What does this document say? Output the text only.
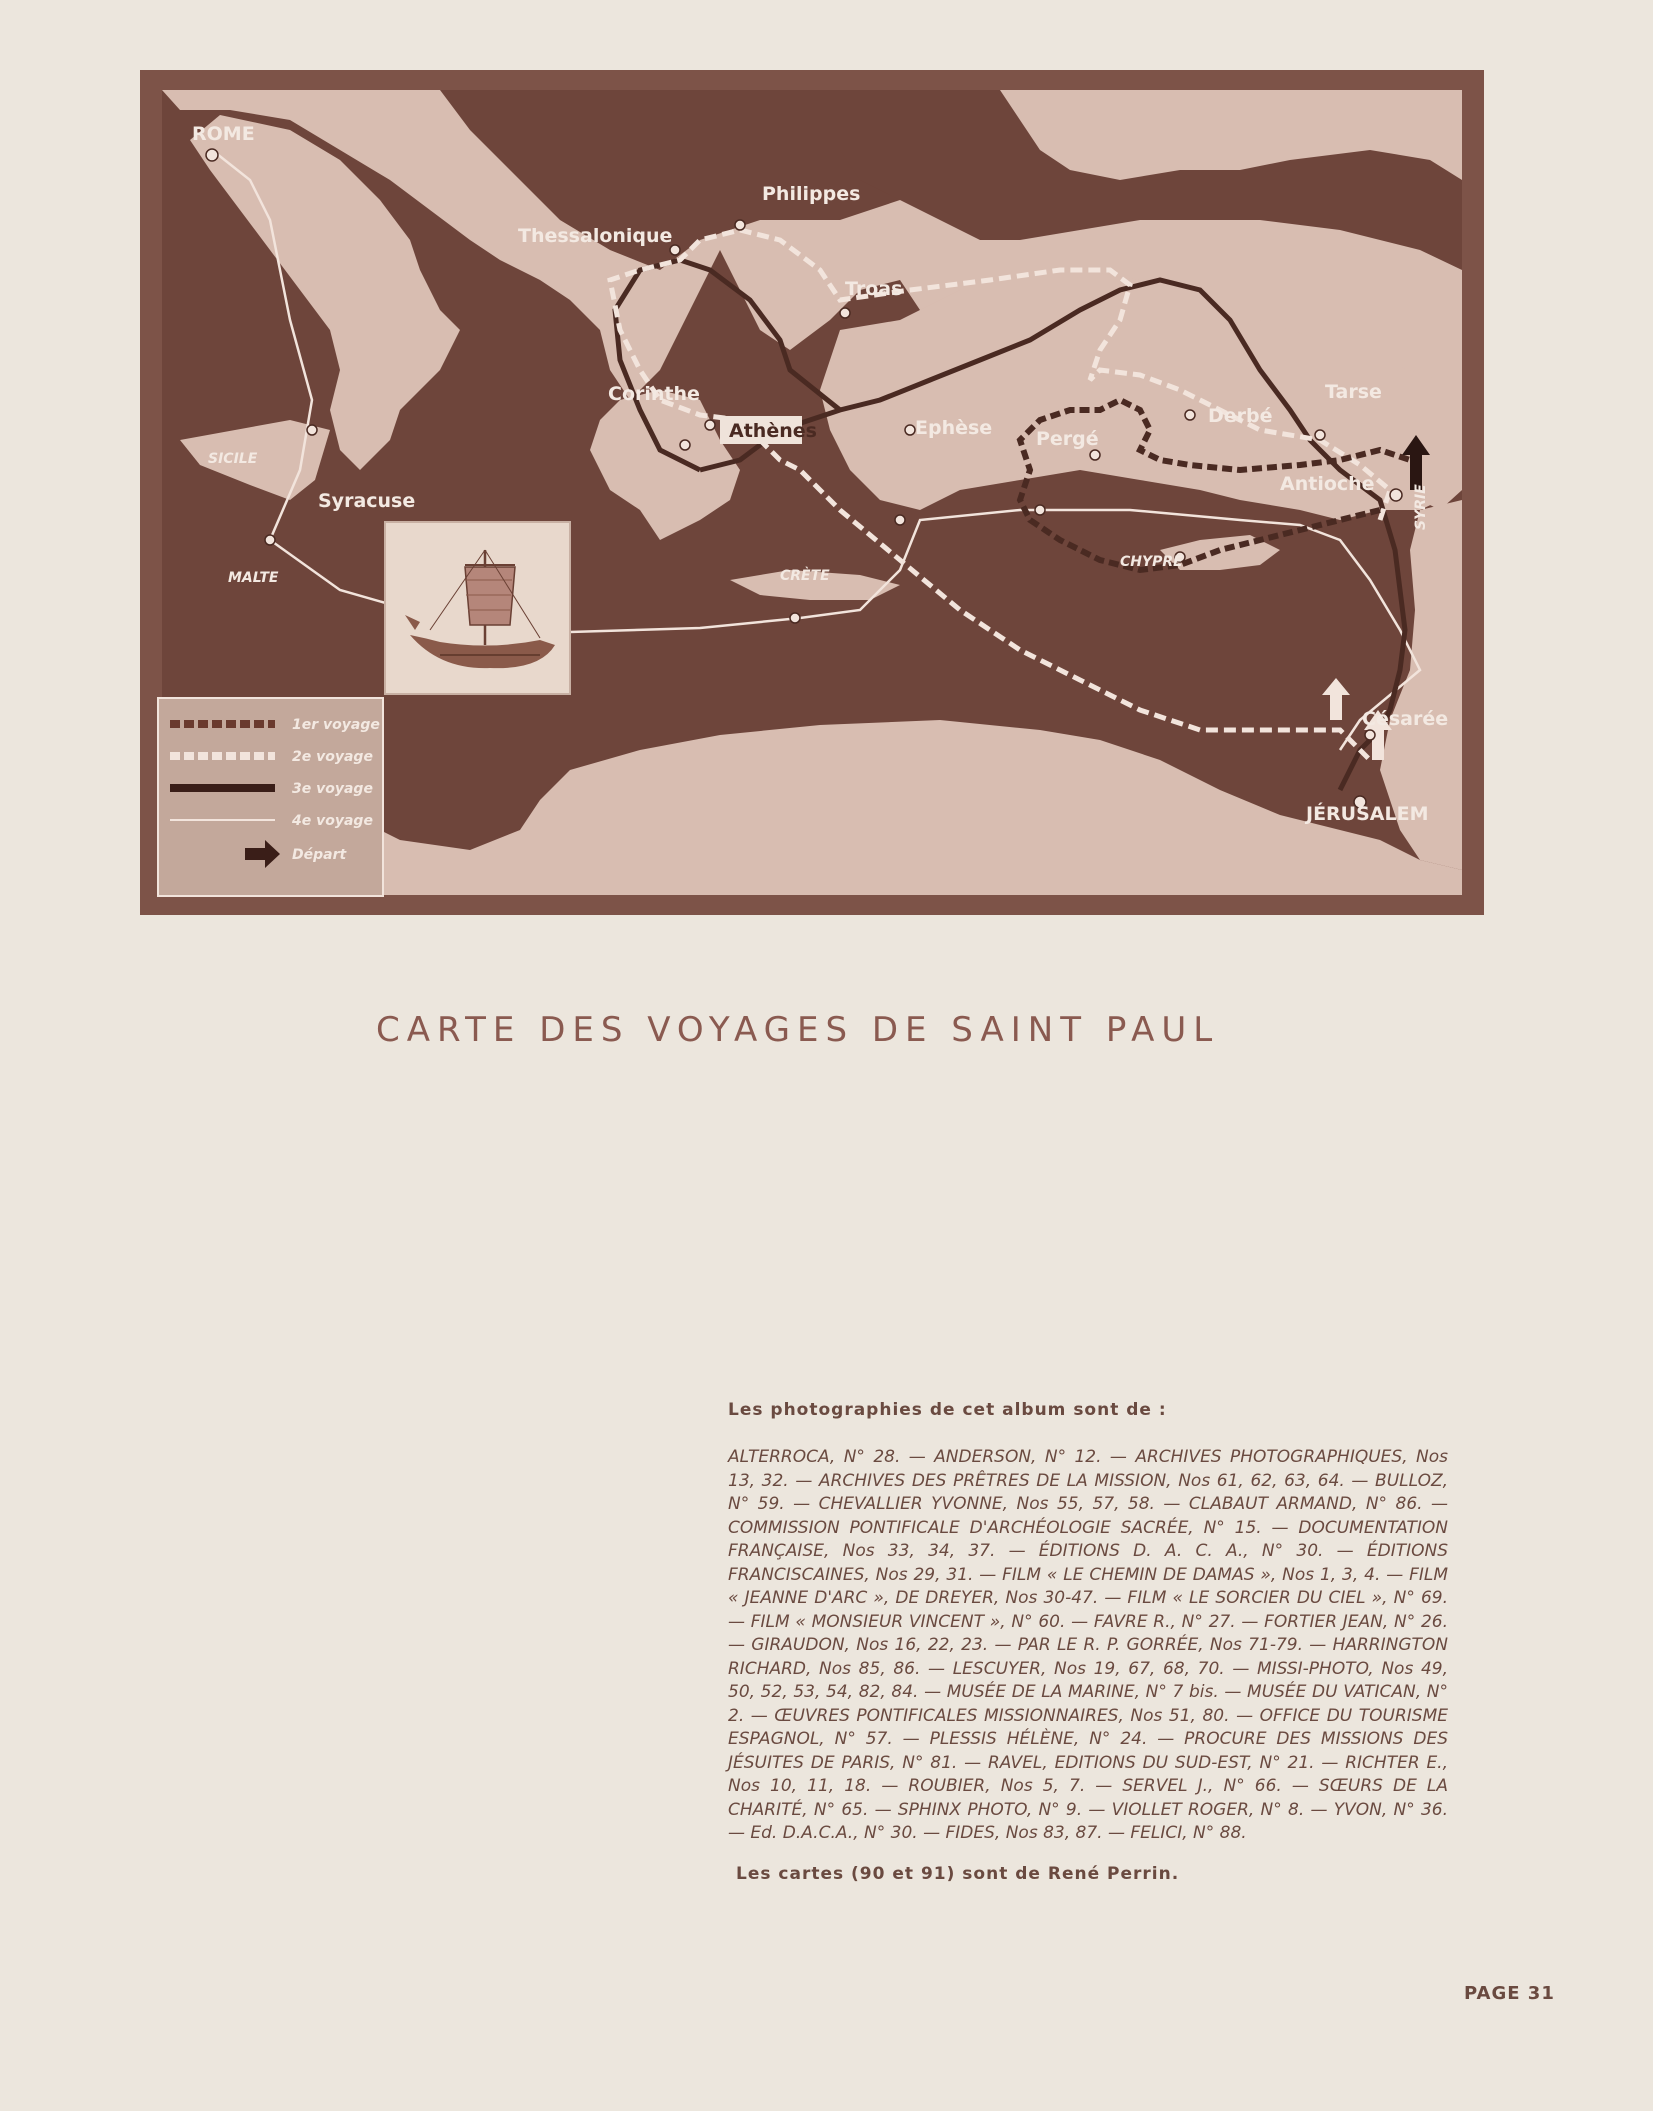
1er voyage
2e voyage
3e voyage
4e voyage
Départ
ROME
Thessalonique
Philippes
Troas
Corinthe
Athènes	Ephèse Pergé
Derbé
Tarse
Antioche
SYRIE
SICILE
Syracuse
MALTE	CRÈTE
CHYPRE
Césarée
JÉRUSALEM
CARTE DES VOYAGES DE SAINT PAUL

Les photographies de cet album sont de :

ALTERROCA, N° 28. — ANDERSON, N° 12. — ARCHIVES PHOTOGRAPHIQUES, Nos 13, 32. — ARCHIVES DES PRÊTRES DE LA MISSION, Nos 61, 62, 63, 64. — BULLOZ, N° 59. — CHEVALLIER YVONNE, Nos 55, 57, 58. — CLABAUT ARMAND, N° 86. — COMMISSION PONTIFICALE D'ARCHÉOLOGIE SACRÉE, N° 15. — DOCUMENTATION FRANÇAISE, Nos 33, 34, 37. — ÉDITIONS D. A. C. A., N° 30. — ÉDITIONS FRANCISCAINES, Nos 29, 31. — FILM « LE CHEMIN DE DAMAS », Nos 1, 3, 4. — FILM « JEANNE D'ARC », DE DREYER, Nos 30-47. — FILM « LE SORCIER DU CIEL », N° 69. — FILM « MONSIEUR VINCENT », N° 60. — FAVRE R., N° 27. — FORTIER JEAN, N° 26. — GIRAUDON, Nos 16, 22, 23. — PAR LE R. P. GORRÉE, Nos 71-79. — HARRINGTON RICHARD, Nos 85, 86. — LESCUYER, Nos 19, 67, 68, 70. — MISSI-PHOTO, Nos 49, 50, 52, 53, 54, 82, 84. — MUSÉE DE LA MARINE, N° 7 bis. — MUSÉE DU VATICAN, N° 2. — ŒUVRES PONTIFICALES MISSIONNAIRES, Nos 51, 80. — OFFICE DU TOURISME ESPAGNOL, N° 57. — PLESSIS HÉLÈNE, N° 24. — PROCURE DES MISSIONS DES JÉSUITES DE PARIS, N° 81. — RAVEL, EDITIONS DU SUD-EST, N° 21. — RICHTER E., Nos 10, 11, 18. — ROUBIER, Nos 5, 7. — SERVEL J., N° 66. — SŒURS DE LA CHARITÉ, N° 65. — SPHINX PHOTO, N° 9. — VIOLLET ROGER, N° 8. — YVON, N° 36. — Ed. D.A.C.A., N° 30. — FIDES, Nos 83, 87. — FELICI, N° 88.

Les cartes (90 et 91) sont de René Perrin.

PAGE 31
